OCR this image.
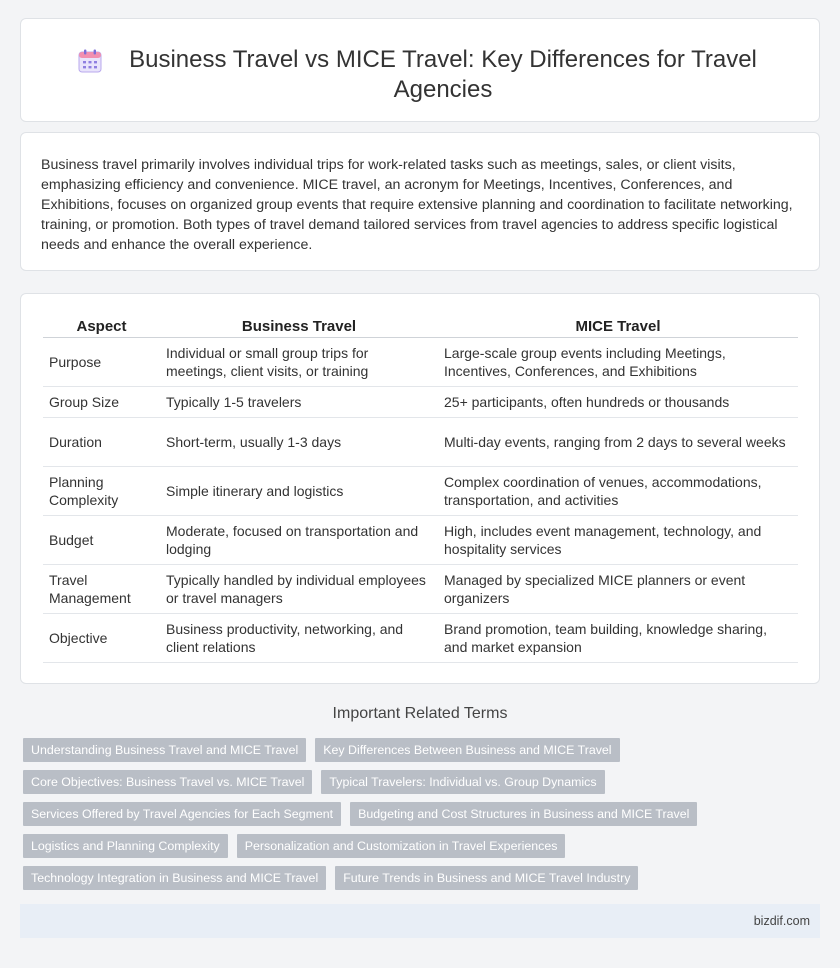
Business Travel vs MICE Travel: Key Differences for Travel Agencies

Business travel primarily involves individual trips for work-related tasks such as meetings, sales, or client visits, emphasizing efficiency and convenience. MICE travel, an acronym for Meetings, Incentives, Conferences, and Exhibitions, focuses on organized group events that require extensive planning and coordination to facilitate networking, training, or promotion. Both types of travel demand tailored services from travel agencies to address specific logistical needs and enhance the overall experience.

Aspect	Business Travel	MICE Travel
Purpose	Individual or small group trips for meetings, client visits, or training	Large-scale group events including Meetings, Incentives, Conferences, and Exhibitions
Group Size	Typically 1-5 travelers	25+ participants, often hundreds or thousands
Duration	Short-term, usually 1-3 days	Multi-day events, ranging from 2 days to several weeks
Planning Complexity	Simple itinerary and logistics	Complex coordination of venues, accommodations, transportation, and activities
Budget	Moderate, focused on transportation and lodging	High, includes event management, technology, and hospitality services
Travel Management	Typically handled by individual employees or travel managers	Managed by specialized MICE planners or event organizers
Objective	Business productivity, networking, and client relations	Brand promotion, team building, knowledge sharing, and market expansion
Important Related Terms
Understanding Business Travel and MICE Travel	Key Differences Between Business and MICE Travel
Core Objectives: Business Travel vs. MICE Travel	Typical Travelers: Individual vs. Group Dynamics
Services Offered by Travel Agencies for Each Segment	Budgeting and Cost Structures in Business and MICE Travel
Logistics and Planning Complexity	Personalization and Customization in Travel Experiences
Technology Integration in Business and MICE Travel	Future Trends in Business and MICE Travel Industry
bizdif.com
